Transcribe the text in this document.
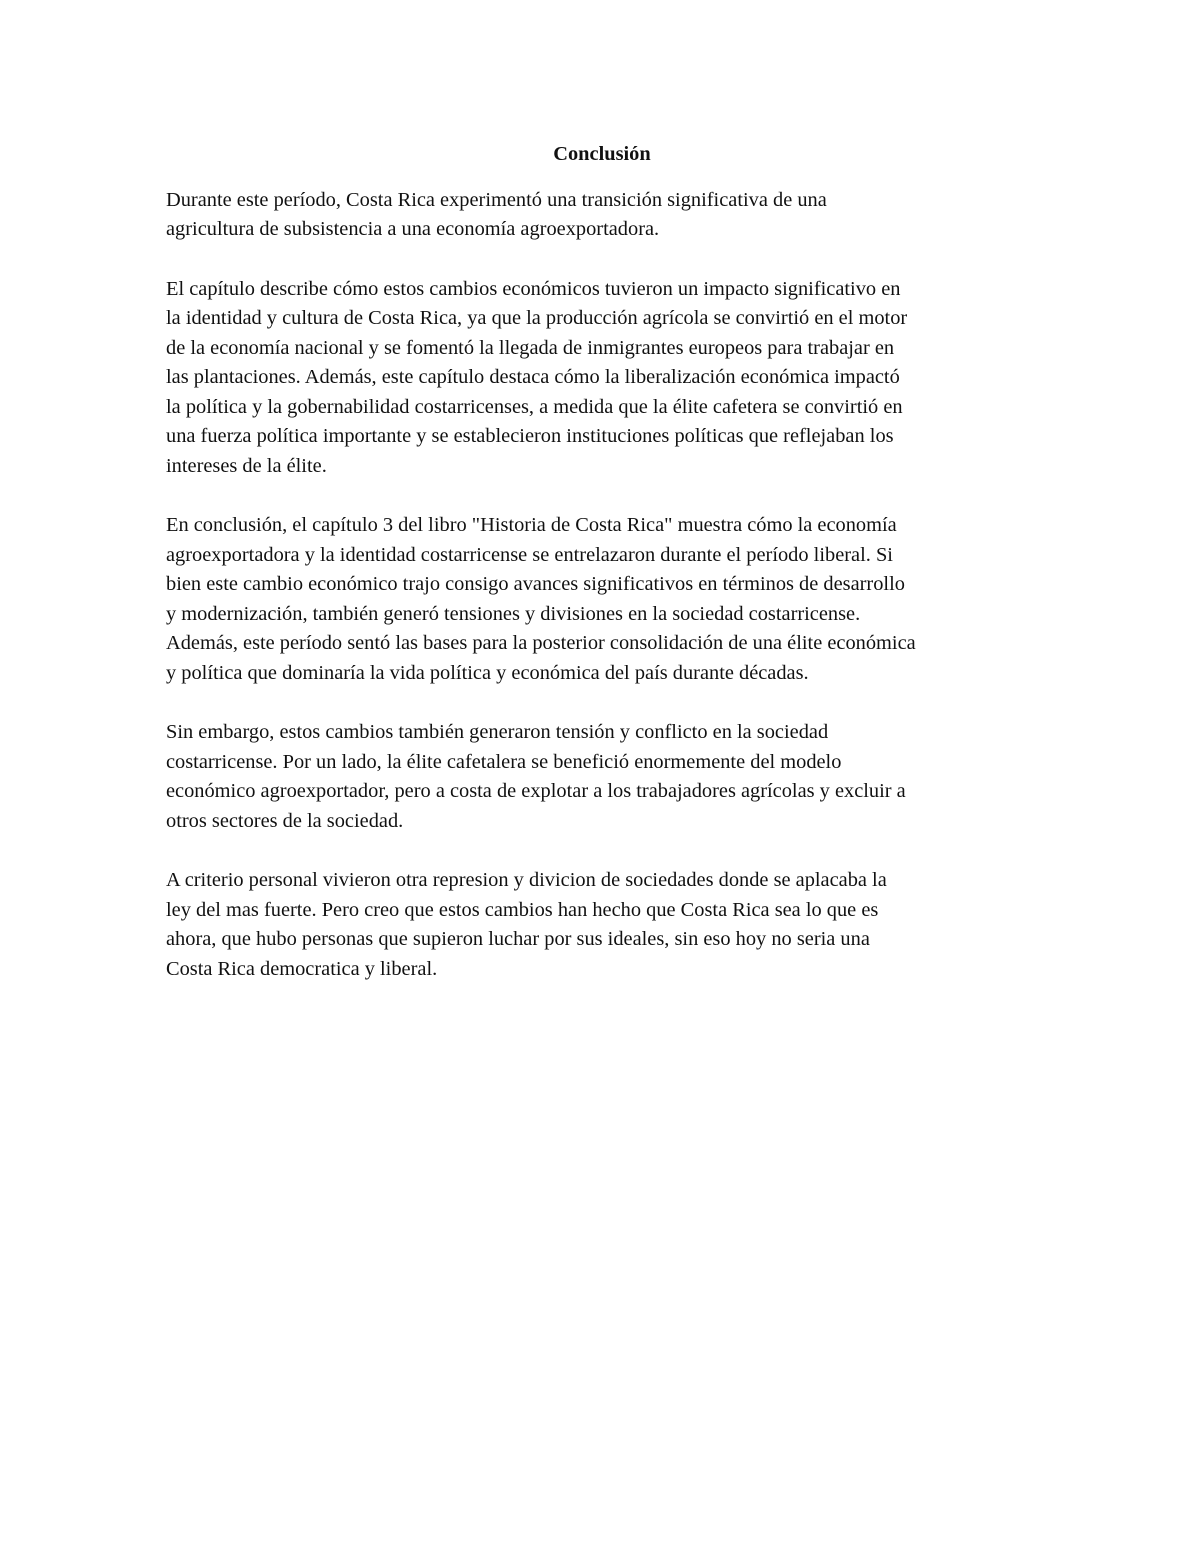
Conclusión
Durante este período, Costa Rica experimentó una transición significativa de una
agricultura de subsistencia a una economía agroexportadora.
El capítulo describe cómo estos cambios económicos tuvieron un impacto significativo en
la identidad y cultura de Costa Rica, ya que la producción agrícola se convirtió en el motor
de la economía nacional y se fomentó la llegada de inmigrantes europeos para trabajar en
las plantaciones. Además, este capítulo destaca cómo la liberalización económica impactó
la política y la gobernabilidad costarricenses, a medida que la élite cafetera se convirtió en
una fuerza política importante y se establecieron instituciones políticas que reflejaban los
intereses de la élite.
En conclusión, el capítulo 3 del libro "Historia de Costa Rica" muestra cómo la economía
agroexportadora y la identidad costarricense se entrelazaron durante el período liberal. Si
bien este cambio económico trajo consigo avances significativos en términos de desarrollo
y modernización, también generó tensiones y divisiones en la sociedad costarricense.
Además, este período sentó las bases para la posterior consolidación de una élite económica
y política que dominaría la vida política y económica del país durante décadas.
Sin embargo, estos cambios también generaron tensión y conflicto en la sociedad
costarricense. Por un lado, la élite cafetalera se benefició enormemente del modelo
económico agroexportador, pero a costa de explotar a los trabajadores agrícolas y excluir a
otros sectores de la sociedad.
A criterio personal vivieron otra represion y divicion de sociedades donde se aplacaba la
ley del mas fuerte. Pero creo que estos cambios han hecho que Costa Rica sea lo que es
ahora, que hubo personas que supieron luchar por sus ideales, sin eso hoy no seria una
Costa Rica democratica y liberal.
